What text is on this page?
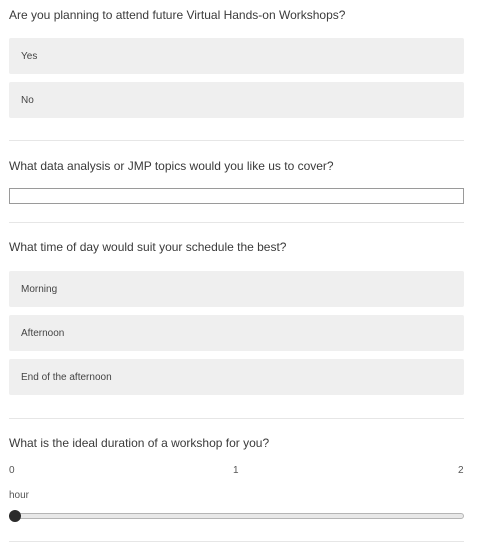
Are you planning to attend future Virtual Hands-on Workshops?
Yes
No
What data analysis or JMP topics would you like us to cover?
What time of day would suit your schedule the best?
Morning
Afternoon
End of the afternoon
What is the ideal duration of a workshop for you?
0	1	2
hour
